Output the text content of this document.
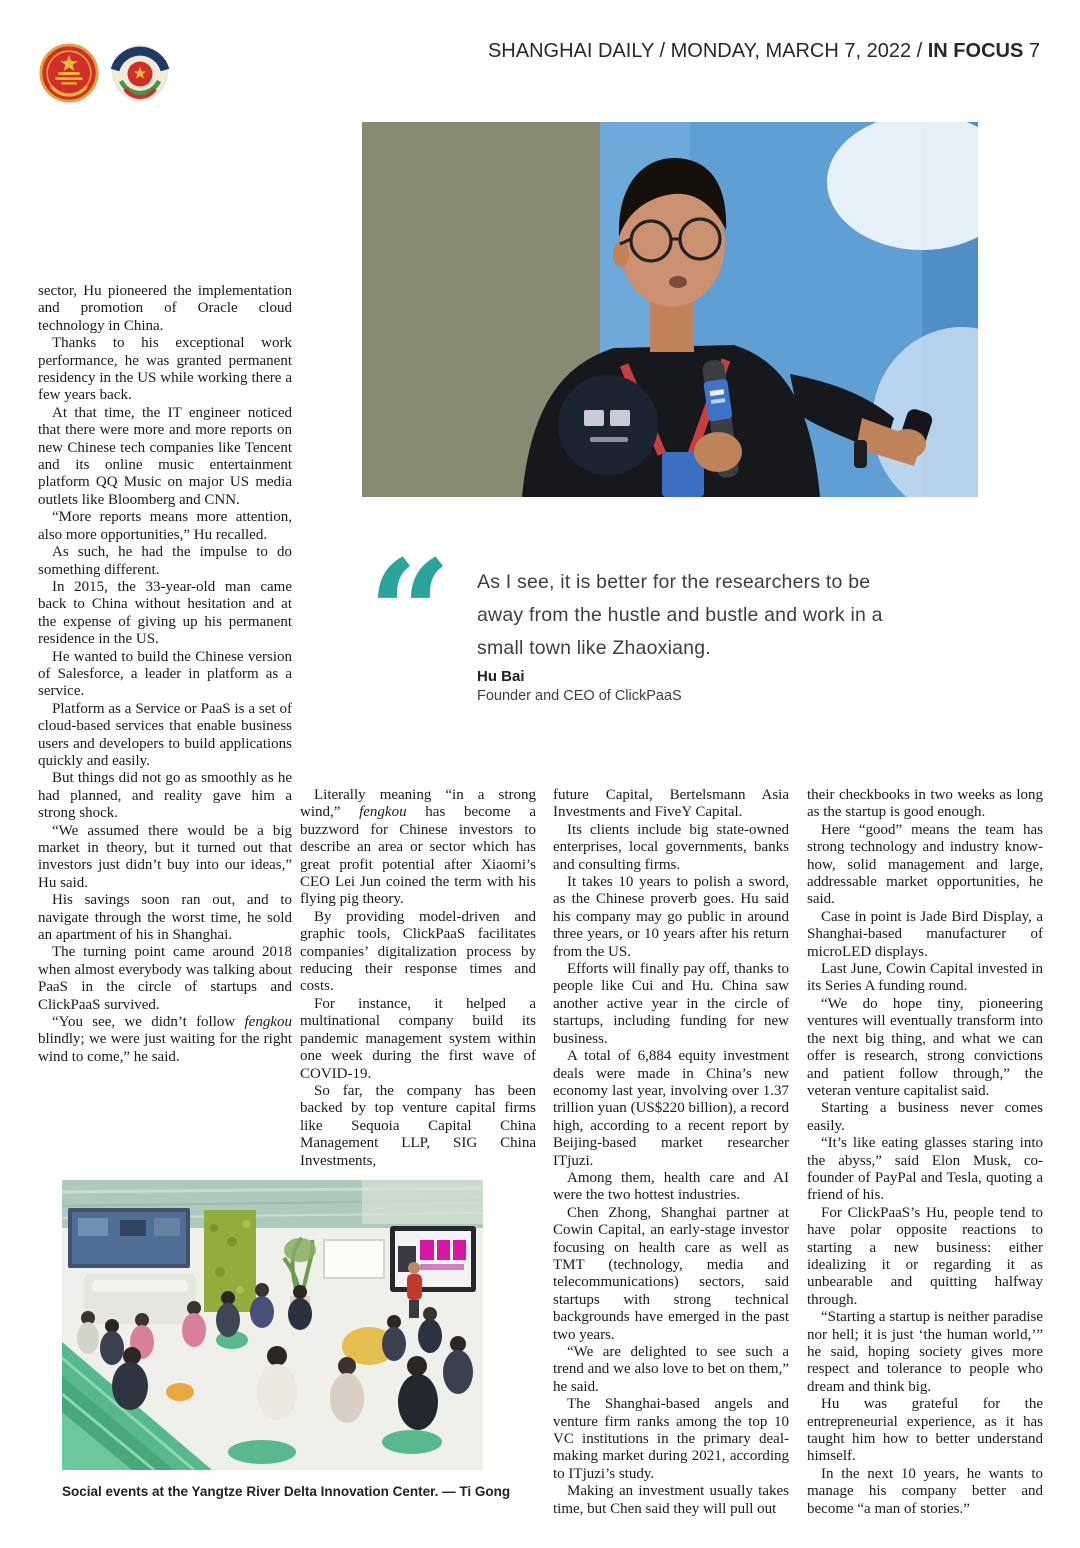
SHANGHAI DAILY / MONDAY, MARCH 7, 2022 / IN FOCUS 7
“ As I see, it is better for the researchers to be away from the hustle and bustle and work in a small town like Zhaoxiang.
Hu Bai
Founder and CEO of ClickPaaS

sector, Hu pioneered the implementation and promotion of Oracle cloud technology in China.

Thanks to his exceptional work performance, he was granted permanent residency in the US while working there a few years back.

At that time, the IT engineer noticed that there were more and more reports on new Chinese tech companies like Tencent and its online music entertainment platform QQ Music on major US media outlets like Bloomberg and CNN.

“More reports means more attention, also more opportunities,” Hu recalled.

As such, he had the impulse to do something different.

In 2015, the 33-year-old man came back to China without hesitation and at the expense of giving up his permanent residence in the US.

He wanted to build the Chinese version of Salesforce, a leader in platform as a service.

Platform as a Service or PaaS is a set of cloud-based services that enable business users and developers to build applications quickly and easily.

But things did not go as smoothly as he had planned, and reality gave him a strong shock.

“We assumed there would be a big market in theory, but it turned out that investors just didn’t buy into our ideas,” Hu said.

His savings soon ran out, and to navigate through the worst time, he sold an apartment of his in Shanghai.

The turning point came around 2018 when almost everybody was talking about PaaS in the circle of startups and ClickPaaS survived.

“You see, we didn’t follow fengkou blindly; we were just waiting for the right wind to come,” he said.

Literally meaning “in a strong wind,” fengkou has become a buzzword for Chinese investors to describe an area or sector which has great profit potential after Xiaomi’s CEO Lei Jun coined the term with his flying pig theory.

By providing model-driven and graphic tools, ClickPaaS facilitates companies’ digitalization process by reducing their response times and costs.

For instance, it helped a multinational company build its pandemic management system within one week during the first wave of COVID-19.

So far, the company has been backed by top venture capital firms like Sequoia Capital China Management LLP, SIG China Investments,

future Capital, Bertelsmann Asia Investments and FiveY Capital.

Its clients include big state-owned enterprises, local governments, banks and consulting firms.

It takes 10 years to polish a sword, as the Chinese proverb goes. Hu said his company may go public in around three years, or 10 years after his return from the US.

Efforts will finally pay off, thanks to people like Cui and Hu. China saw another active year in the circle of startups, including funding for new business.

A total of 6,884 equity investment deals were made in China’s new economy last year, involving over 1.37 trillion yuan (US$220 billion), a record high, according to a recent report by Beijing-based market researcher ITjuzi.

Among them, health care and AI were the two hottest industries.

Chen Zhong, Shanghai partner at Cowin Capital, an early-stage investor focusing on health care as well as TMT (technology, media and telecommunications) sectors, said startups with strong technical backgrounds have emerged in the past two years.

“We are delighted to see such a trend and we also love to bet on them,” he said.

The Shanghai-based angels and venture firm ranks among the top 10 VC institutions in the primary deal-making market during 2021, according to ITjuzi’s study.

Making an investment usually takes time, but Chen said they will pull out

their checkbooks in two weeks as long as the startup is good enough.

Here “good” means the team has strong technology and industry know-how, solid management and large, addressable market opportunities, he said.

Case in point is Jade Bird Display, a Shanghai-based manufacturer of microLED displays.

Last June, Cowin Capital invested in its Series A funding round.

“We do hope tiny, pioneering ventures will eventually transform into the next big thing, and what we can offer is research, strong convictions and patient follow through,” the veteran venture capitalist said.

Starting a business never comes easily.

“It’s like eating glasses staring into the abyss,” said Elon Musk, co-founder of PayPal and Tesla, quoting a friend of his.

For ClickPaaS’s Hu, people tend to have polar opposite reactions to starting a new business: either idealizing it or regarding it as unbearable and quitting halfway through.

“Starting a startup is neither paradise nor hell; it is just ‘the human world,’” he said, hoping society gives more respect and tolerance to people who dream and think big.

Hu was grateful for the entrepreneurial experience, as it has taught him how to better understand himself.

In the next 10 years, he wants to manage his company better and become “a man of stories.”

Social events at the Yangtze River Delta Innovation Center. — Ti Gong
